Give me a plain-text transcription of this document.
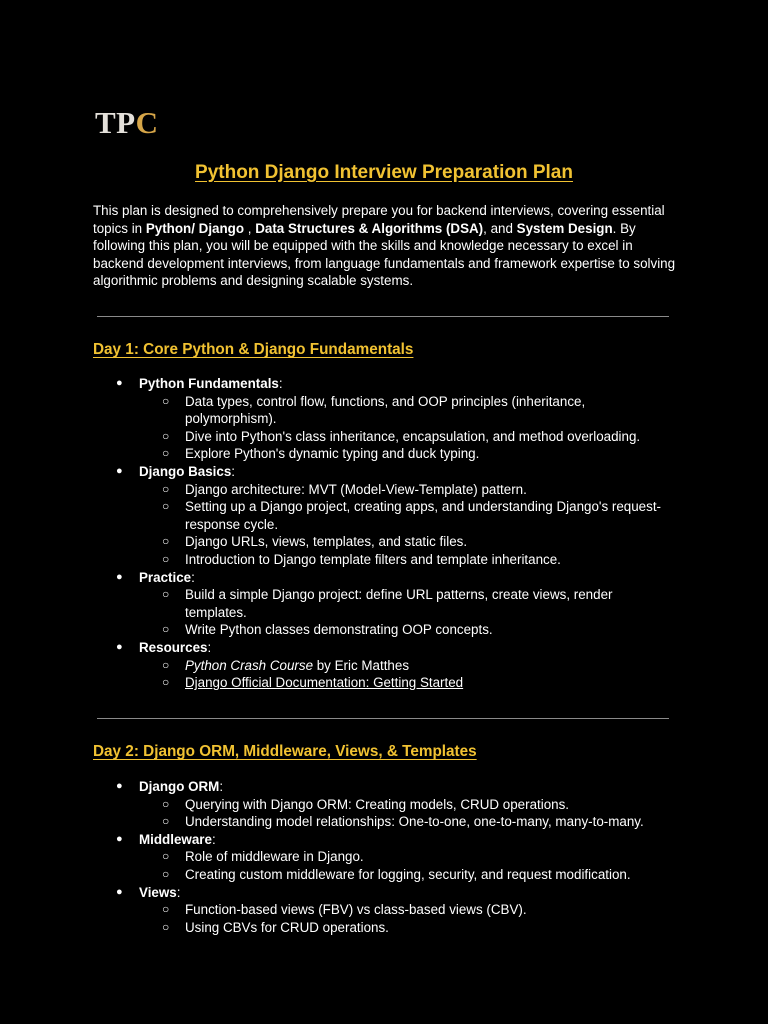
TPC
Python Django Interview Preparation Plan
This plan is designed to comprehensively prepare you for backend interviews, covering essential topics in Python/ Django , Data Structures & Algorithms (DSA), and System Design. By following this plan, you will be equipped with the skills and knowledge necessary to excel in backend development interviews, from language fundamentals and framework expertise to solving algorithmic problems and designing scalable systems.
Day 1: Core Python & Django Fundamentals
● Python Fundamentals:
○ Data types, control flow, functions, and OOP principles (inheritance, polymorphism).
○ Dive into Python's class inheritance, encapsulation, and method overloading.
○ Explore Python's dynamic typing and duck typing.
● Django Basics:
○ Django architecture: MVT (Model-View-Template) pattern.
○ Setting up a Django project, creating apps, and understanding Django's request-response cycle.
○ Django URLs, views, templates, and static files.
○ Introduction to Django template filters and template inheritance.
● Practice:
○ Build a simple Django project: define URL patterns, create views, render templates.
○ Write Python classes demonstrating OOP concepts.
● Resources:
○ Python Crash Course by Eric Matthes
○ Django Official Documentation: Getting Started
Day 2: Django ORM, Middleware, Views, & Templates
● Django ORM:
○ Querying with Django ORM: Creating models, CRUD operations.
○ Understanding model relationships: One-to-one, one-to-many, many-to-many.
● Middleware:
○ Role of middleware in Django.
○ Creating custom middleware for logging, security, and request modification.
● Views:
○ Function-based views (FBV) vs class-based views (CBV).
○ Using CBVs for CRUD operations.
